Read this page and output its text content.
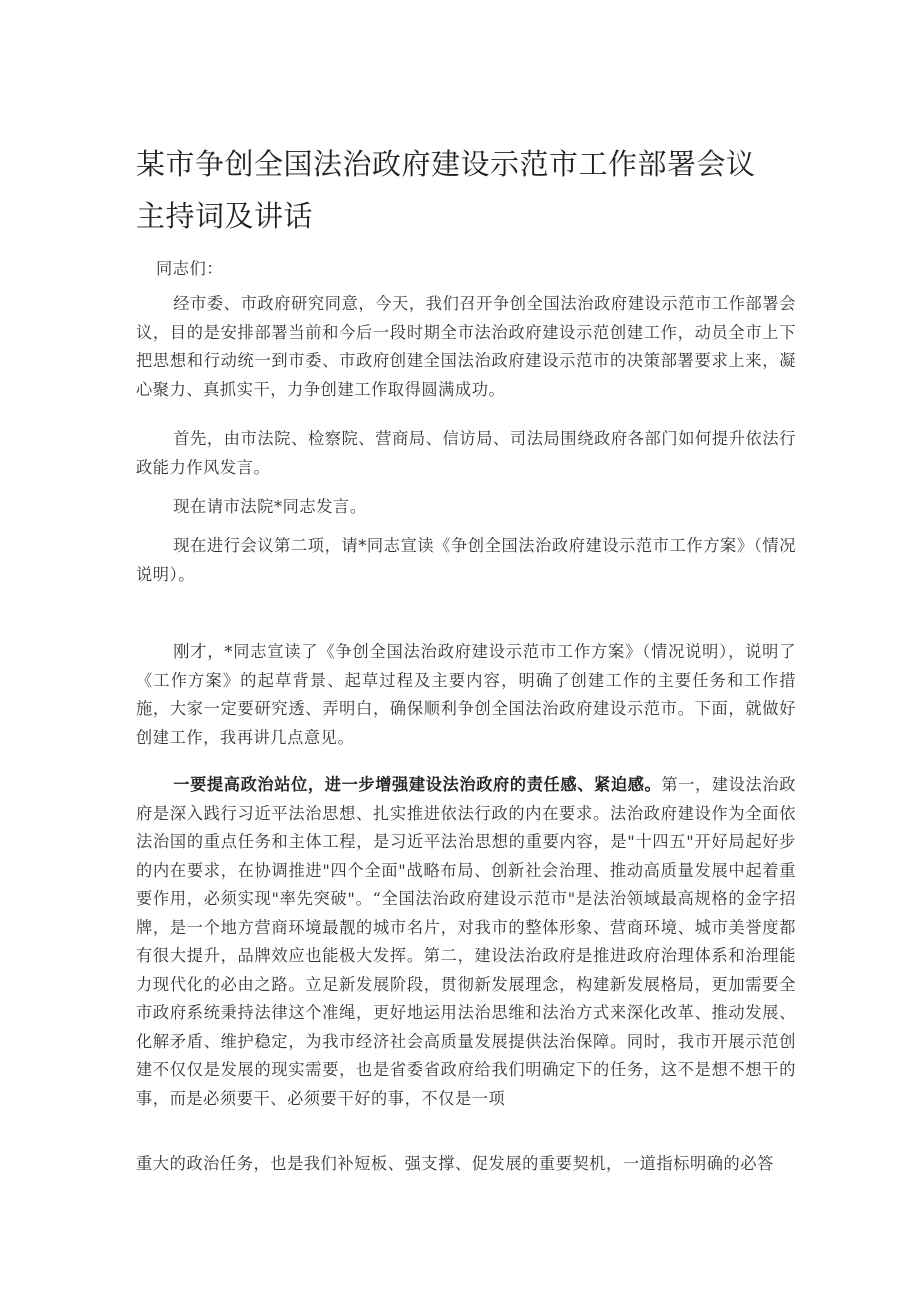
某市争创全国法治政府建设示范市工作部署会议主持词及讲话

同志们：

经市委、市政府研究同意，今天，我们召开争创全国法治政府建设示范市工作部署会议，目的是安排部署当前和今后一段时期全市法治政府建设示范创建工作，动员全市上下把思想和行动统一到市委、市政府创建全国法治政府建设示范市的决策部署要求上来，凝心聚力、真抓实干，力争创建工作取得圆满成功。

首先，由市法院、检察院、营商局、信访局、司法局围绕政府各部门如何提升依法行政能力作风发言。

现在请市法院*同志发言。

现在进行会议第二项，请*同志宣读《争创全国法治政府建设示范市工作方案》（情况说明）。

刚才，*同志宣读了《争创全国法治政府建设示范市工作方案》（情况说明），说明了《工作方案》的起草背景、起草过程及主要内容，明确了创建工作的主要任务和工作措施，大家一定要研究透、弄明白，确保顺利争创全国法治政府建设示范市。下面，就做好创建工作，我再讲几点意见。

一要提高政治站位，进一步增强建设法治政府的责任感、紧迫感。第一，建设法治政府是深入践行习近平法治思想、扎实推进依法行政的内在要求。法治政府建设作为全面依法治国的重点任务和主体工程，是习近平法治思想的重要内容，是"十四五"开好局起好步的内在要求，在协调推进"四个全面"战略布局、创新社会治理、推动高质量发展中起着重要作用，必须实现"率先突破"。“全国法治政府建设示范市"是法治领域最高规格的金字招牌，是一个地方营商环境最靓的城市名片，对我市的整体形象、营商环境、城市美誉度都有很大提升，品牌效应也能极大发挥。第二，建设法治政府是推进政府治理体系和治理能力现代化的必由之路。立足新发展阶段，贯彻新发展理念，构建新发展格局，更加需要全市政府系统秉持法律这个准绳，更好地运用法治思维和法治方式来深化改革、推动发展、化解矛盾、维护稳定，为我市经济社会高质量发展提供法治保障。同时，我市开展示范创建不仅仅是发展的现实需要，也是省委省政府给我们明确定下的任务，这不是想不想干的事，而是必须要干、必须要干好的事，不仅是一项

重大的政治任务，也是我们补短板、强支撑、促发展的重要契机，一道指标明确的必答
